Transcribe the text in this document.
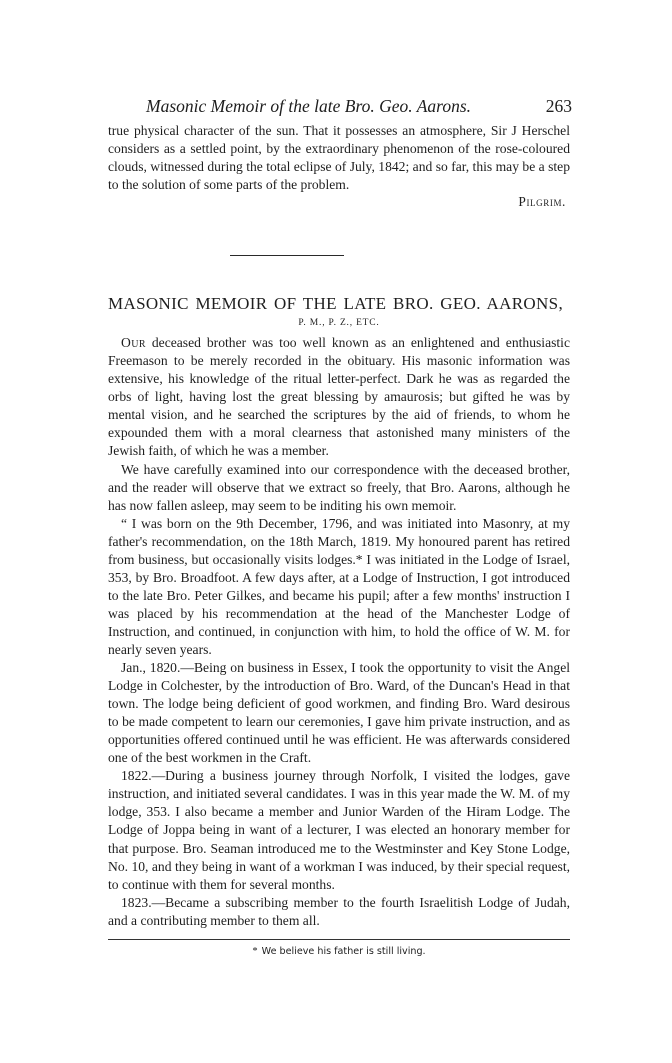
Masonic Memoir of the late Bro. Geo. Aarons.	263

true physical character of the sun. That it possesses an atmosphere, Sir J Herschel considers as a settled point, by the extraordinary phenomenon of the rose-coloured clouds, witnessed during the total eclipse of July, 1842; and so far, this may be a step to the solution of some parts of the problem.

Pilgrim.
MASONIC MEMOIR OF THE LATE BRO. GEO. AARONS,
P. M., P. Z., ETC.

Our deceased brother was too well known as an enlightened and enthusiastic Freemason to be merely recorded in the obituary. His masonic information was extensive, his knowledge of the ritual letter-perfect. Dark he was as regarded the orbs of light, having lost the great blessing by amaurosis; but gifted he was by mental vision, and he searched the scriptures by the aid of friends, to whom he expounded them with a moral clearness that astonished many ministers of the Jewish faith, of which he was a member.

We have carefully examined into our correspondence with the deceased brother, and the reader will observe that we extract so freely, that Bro. Aarons, although he has now fallen asleep, may seem to be inditing his own memoir.

“ I was born on the 9th December, 1796, and was initiated into Masonry, at my father's recommendation, on the 18th March, 1819. My honoured parent has retired from business, but occasionally visits lodges.* I was initiated in the Lodge of Israel, 353, by Bro. Broadfoot. A few days after, at a Lodge of Instruction, I got introduced to the late Bro. Peter Gilkes, and became his pupil; after a few months' instruction I was placed by his recommendation at the head of the Manchester Lodge of Instruction, and continued, in conjunction with him, to hold the office of W. M. for nearly seven years.

Jan., 1820.—Being on business in Essex, I took the opportunity to visit the Angel Lodge in Colchester, by the introduction of Bro. Ward, of the Duncan's Head in that town. The lodge being deficient of good workmen, and finding Bro. Ward desirous to be made competent to learn our ceremonies, I gave him private instruction, and as opportunities offered continued until he was efficient. He was afterwards considered one of the best workmen in the Craft.

1822.—During a business journey through Norfolk, I visited the lodges, gave instruction, and initiated several candidates. I was in this year made the W. M. of my lodge, 353. I also became a member and Junior Warden of the Hiram Lodge. The Lodge of Joppa being in want of a lecturer, I was elected an honorary member for that purpose. Bro. Seaman introduced me to the Westminster and Key Stone Lodge, No. 10, and they being in want of a workman I was induced, by their special request, to continue with them for several months.

1823.—Became a subscribing member to the fourth Israelitish Lodge of Judah, and a contributing member to them all.

* We believe his father is still living.
